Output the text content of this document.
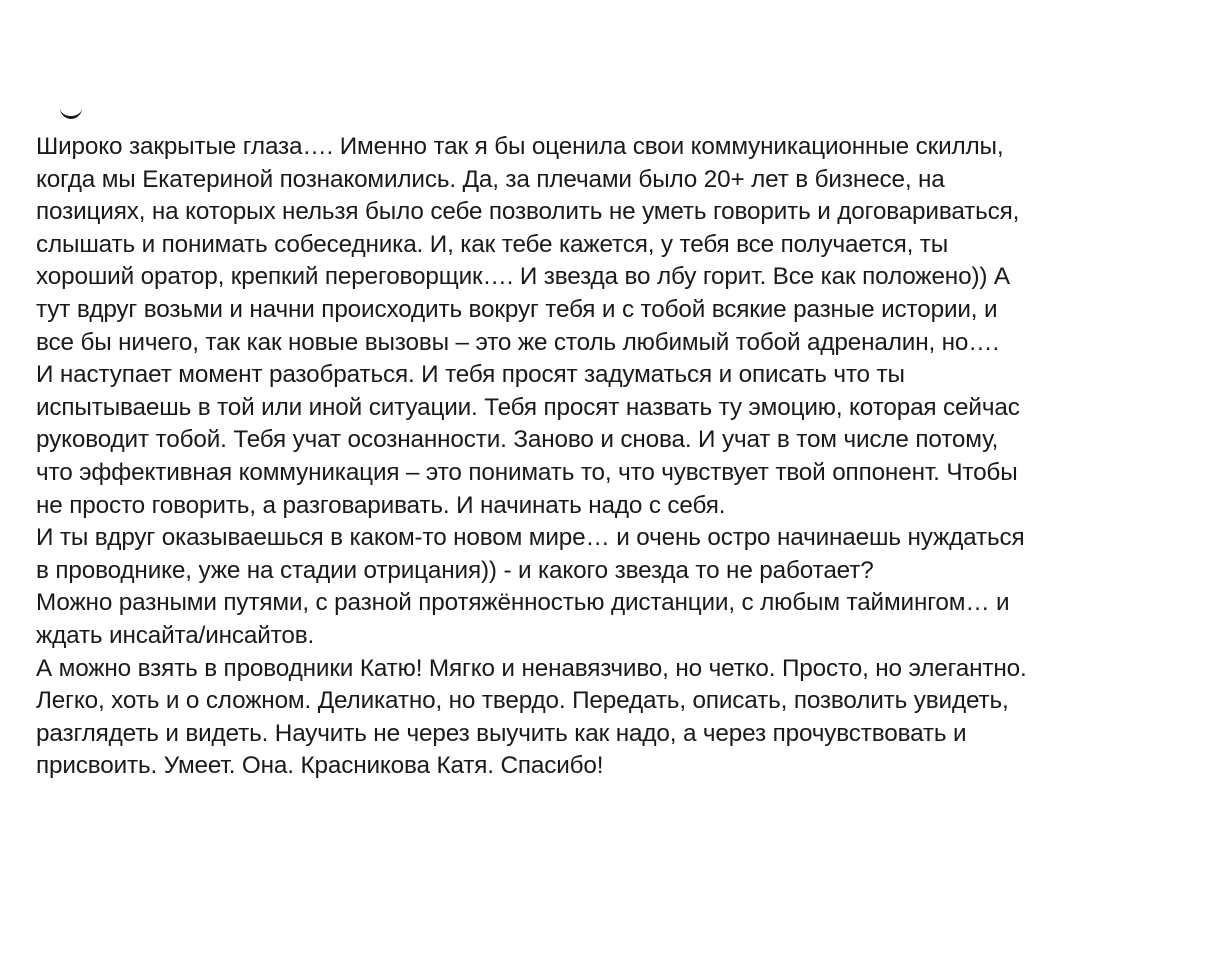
Широко закрытые глаза…. Именно так я бы оценила свои коммуникационные скиллы,
когда мы Екатериной познакомились. Да, за плечами было 20+ лет в бизнесе, на
позициях, на которых нельзя было себе позволить не уметь говорить и договариваться,
слышать и понимать собеседника. И, как тебе кажется, у тебя все получается, ты
хороший оратор, крепкий переговорщик…. И звезда во лбу горит. Все как положено)) А
тут вдруг возьми и начни происходить вокруг тебя и с тобой всякие разные истории, и
все бы ничего, так как новые вызовы – это же столь любимый тобой адреналин, но….
И наступает момент разобраться. И тебя просят задуматься и описать что ты
испытываешь в той или иной ситуации. Тебя просят назвать ту эмоцию, которая сейчас
руководит тобой. Тебя учат осознанности. Заново и снова. И учат в том числе потому,
что эффективная коммуникация – это понимать то, что чувствует твой оппонент. Чтобы
не просто говорить, а разговаривать. И начинать надо с себя.
И ты вдруг оказываешься в каком-то новом мире… и очень остро начинаешь нуждаться
в проводнике, уже на стадии отрицания)) - и какого звезда то не работает?
Можно разными путями, с разной протяжённостью дистанции, с любым таймингом… и
ждать инсайта/инсайтов.
А можно взять в проводники Катю! Мягко и ненавязчиво, но четко. Просто, но элегантно.
Легко, хоть и о сложном. Деликатно, но твердо. Передать, описать, позволить увидеть,
разглядеть и видеть. Научить не через выучить как надо, а через прочувствовать и
присвоить. Умеет. Она. Красникова Катя. Спасибо!
